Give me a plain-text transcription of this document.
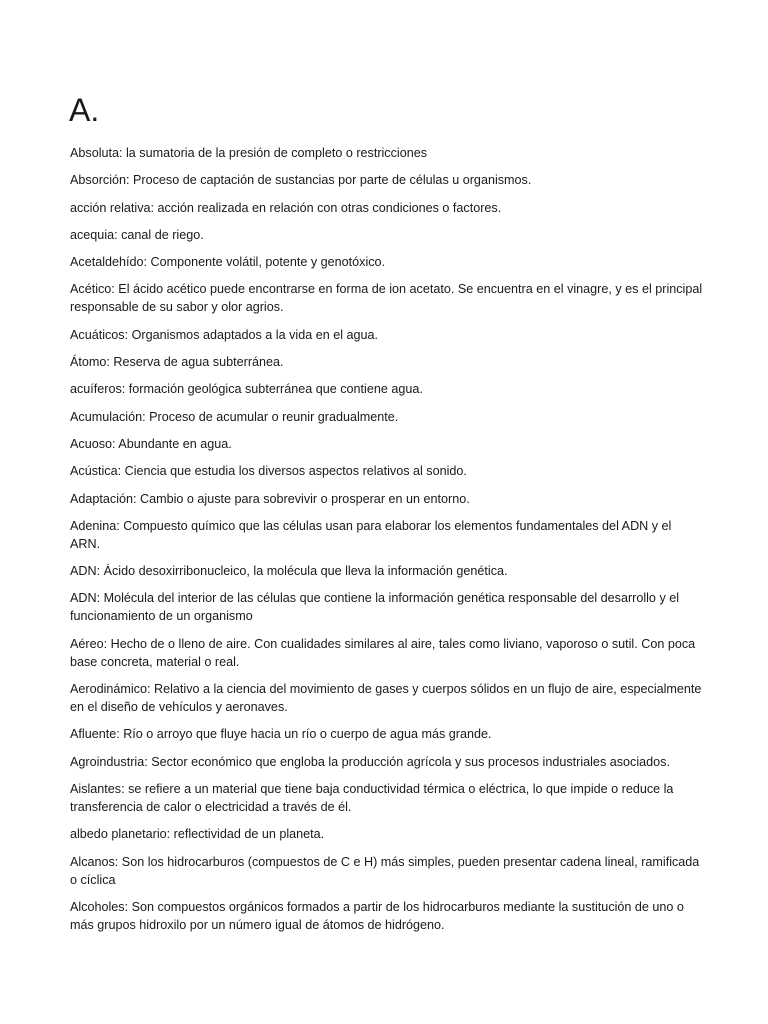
A.
Absoluta: la sumatoria de la presión de completo o restricciones
Absorción: Proceso de captación de sustancias por parte de células u organismos.
acción relativa: acción realizada en relación con otras condiciones o factores.
acequia: canal de riego.
Acetaldehído: Componente volátil, potente y genotóxico.
Acético: El ácido acético puede encontrarse en forma de ion acetato. Se encuentra en el vinagre, y es el principal responsable de su sabor y olor agrios.
Acuáticos: Organismos adaptados a la vida en el agua.
Átomo: Reserva de agua subterránea.
acuíferos: formación geológica subterránea que contiene agua.
Acumulación: Proceso de acumular o reunir gradualmente.
Acuoso: Abundante en agua.
Acústica: Ciencia que estudia los diversos aspectos relativos al sonido.
Adaptación: Cambio o ajuste para sobrevivir o prosperar en un entorno.
Adenina: Compuesto químico que las células usan para elaborar los elementos fundamentales del ADN y el ARN.
ADN: Ácido desoxirribonucleico, la molécula que lleva la información genética.
ADN: Molécula del interior de las células que contiene la información genética responsable del desarrollo y el funcionamiento de un organismo
Aéreo: Hecho de o lleno de aire. Con cualidades similares al aire, tales como liviano, vaporoso o sutil. Con poca base concreta, material o real.
Aerodinámico: Relativo a la ciencia del movimiento de gases y cuerpos sólidos en un flujo de aire, especialmente en el diseño de vehículos y aeronaves.
Afluente: Río o arroyo que fluye hacia un río o cuerpo de agua más grande.
Agroindustria: Sector económico que engloba la producción agrícola y sus procesos industriales asociados.
Aislantes: se refiere a un material que tiene baja conductividad térmica o eléctrica, lo que impide o reduce la transferencia de calor o electricidad a través de él.
albedo planetario: reflectividad de un planeta.
Alcanos: Son los hidrocarburos (compuestos de C e H) más simples, pueden presentar cadena lineal, ramificada o cíclica
Alcoholes: Son compuestos orgánicos formados a partir de los hidrocarburos mediante la sustitución de uno o más grupos hidroxilo por un número igual de átomos de hidrógeno.
